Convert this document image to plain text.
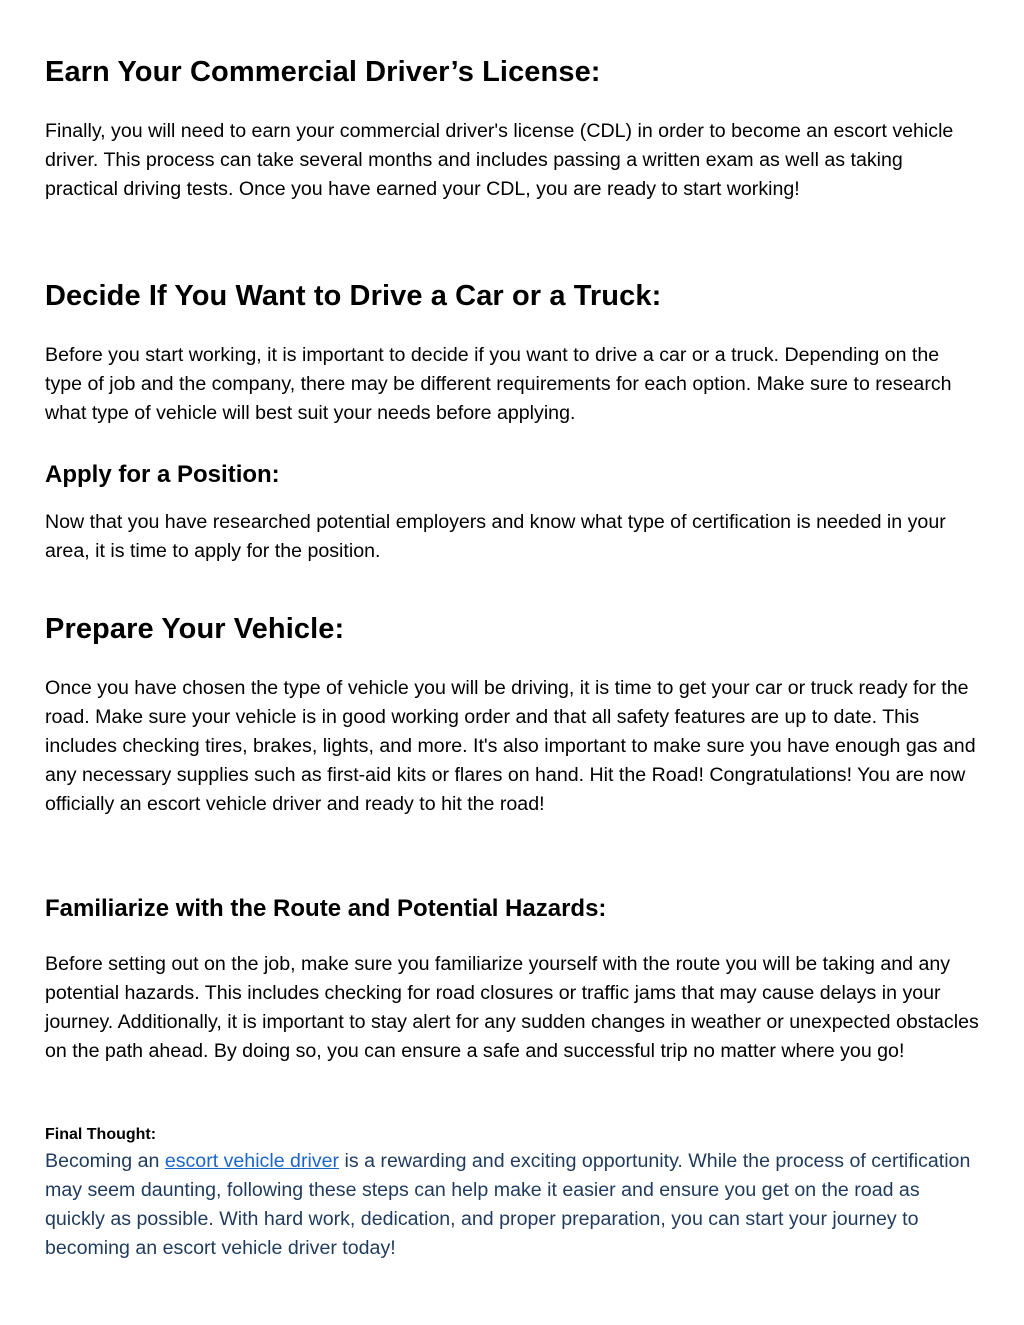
Earn Your Commercial Driver’s License:

Finally, you will need to earn your commercial driver's license (CDL) in order to become an escort vehicle driver. This process can take several months and includes passing a written exam as well as taking practical driving tests. Once you have earned your CDL, you are ready to start working!

Decide If You Want to Drive a Car or a Truck:

Before you start working, it is important to decide if you want to drive a car or a truck. Depending on the type of job and the company, there may be different requirements for each option. Make sure to research what type of vehicle will best suit your needs before applying.

Apply for a Position:

Now that you have researched potential employers and know what type of certification is needed in your area, it is time to apply for the position.

Prepare Your Vehicle:

Once you have chosen the type of vehicle you will be driving, it is time to get your car or truck ready for the road. Make sure your vehicle is in good working order and that all safety features are up to date. This includes checking tires, brakes, lights, and more. It's also important to make sure you have enough gas and any necessary supplies such as first-aid kits or flares on hand. Hit the Road! Congratulations! You are now officially an escort vehicle driver and ready to hit the road!

Familiarize with the Route and Potential Hazards:

Before setting out on the job, make sure you familiarize yourself with the route you will be taking and any potential hazards. This includes checking for road closures or traffic jams that may cause delays in your journey. Additionally, it is important to stay alert for any sudden changes in weather or unexpected obstacles on the path ahead. By doing so, you can ensure a safe and successful trip no matter where you go!

Final Thought:

Becoming an escort vehicle driver is a rewarding and exciting opportunity. While the process of certification may seem daunting, following these steps can help make it easier and ensure you get on the road as quickly as possible. With hard work, dedication, and proper preparation, you can start your journey to becoming an escort vehicle driver today!
